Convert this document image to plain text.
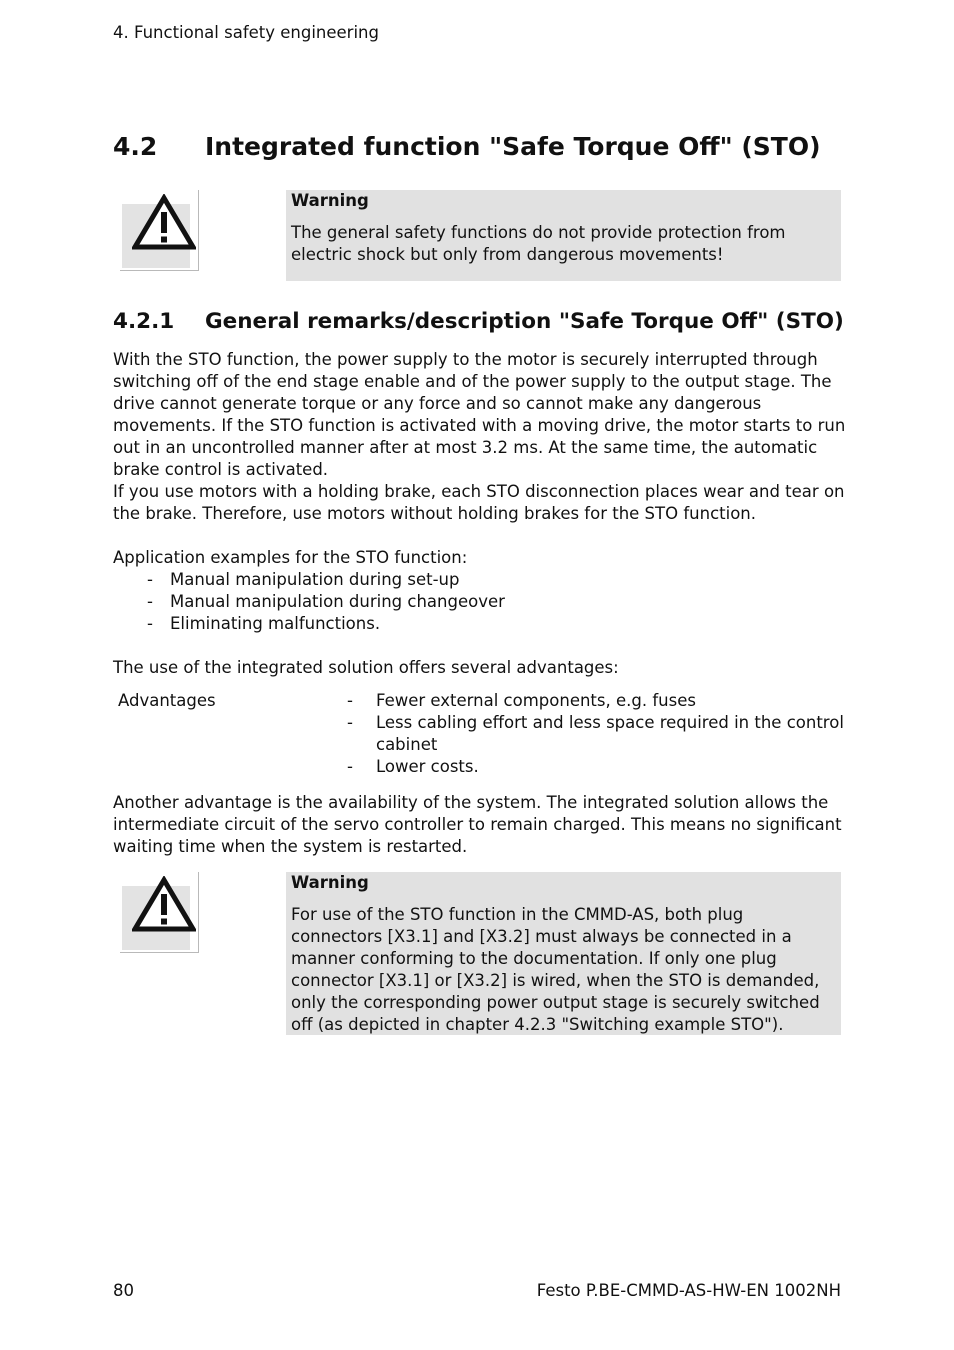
4. Functional safety engineering
4.2 Integrated function "Safe Torque Off" (STO)
Warning
The general safety functions do not provide protection from electric shock but only from dangerous movements!
4.2.1 General remarks/description "Safe Torque Off" (STO)

With the STO function, the power supply to the motor is securely interrupted through switching off of the end stage enable and of the power supply to the output stage. The drive cannot generate torque or any force and so cannot make any dangerous movements. If the STO function is activated with a moving drive, the motor starts to run out in an uncontrolled manner after at most 3.2 ms. At the same time, the automatic brake control is activated.

If you use motors with a holding brake, each STO disconnection places wear and tear on the brake. Therefore, use motors without holding brakes for the STO function.

Application examples for the STO function:

- Manual manipulation during set-up
- Manual manipulation during changeover
- Eliminating malfunctions.

The use of the integrated solution offers several advantages:

Advantages
-	Fewer external components, e.g. fuses
- Less cabling effort and less space required in the control cabinet
- Lower costs.

Another advantage is the availability of the system. The integrated solution allows the intermediate circuit of the servo controller to remain charged. This means no significant waiting time when the system is restarted.

Warning
For use of the STO function in the CMMD-AS, both plug connectors [X3.1] and [X3.2] must always be connected in a manner conforming to the documentation. If only one plug connector [X3.1] or [X3.2] is wired, when the STO is demanded, only the corresponding power output stage is securely switched off (as depicted in chapter 4.2.3 "Switching example STO").
80	Festo P.BE-CMMD-AS-HW-EN 1002NH
